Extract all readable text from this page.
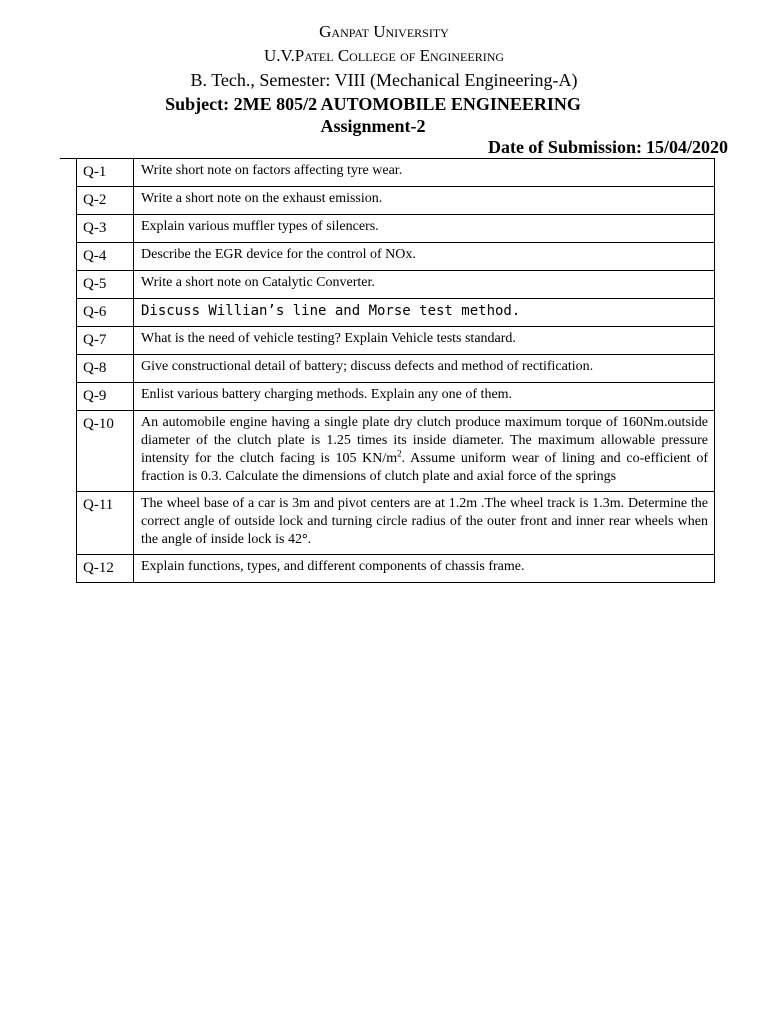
Ganpat University
U.V.Patel College of Engineering
B. Tech., Semester: VIII (Mechanical Engineering-A)
Subject: 2ME 805/2 AUTOMOBILE ENGINEERING
Assignment-2
Date of Submission: 15/04/2020
Q-1	Write short note on factors affecting tyre wear.
Q-2	Write a short note on the exhaust emission.
Q-3	Explain various muffler types of silencers.
Q-4	Describe the EGR device for the control of NOx.
Q-5	Write a short note on Catalytic Converter.
Q-6	Discuss Willian’s line and Morse test method.
Q-7	What is the need of vehicle testing? Explain Vehicle tests standard.
Q-8	Give constructional detail of battery; discuss defects and method of rectification.
Q-9	Enlist various battery charging methods. Explain any one of them.
Q-10	An automobile engine having a single plate dry clutch produce maximum torque of 160Nm.outside diameter of the clutch plate is 1.25 times its inside diameter. The maximum allowable pressure intensity for the clutch facing is 105 $KN/m^2$. Assume uniform wear of lining and co-efficient of fraction is 0.3. Calculate the dimensions of clutch plate and axial force of the springs
Q-11	The wheel base of a car is 3m and pivot centers are at 1.2m .The wheel track is 1.3m. Determine the correct angle of outside lock and turning circle radius of the outer front and inner rear wheels when the angle of inside lock is 42°.
Q-12	Explain functions, types, and different components of chassis frame.
